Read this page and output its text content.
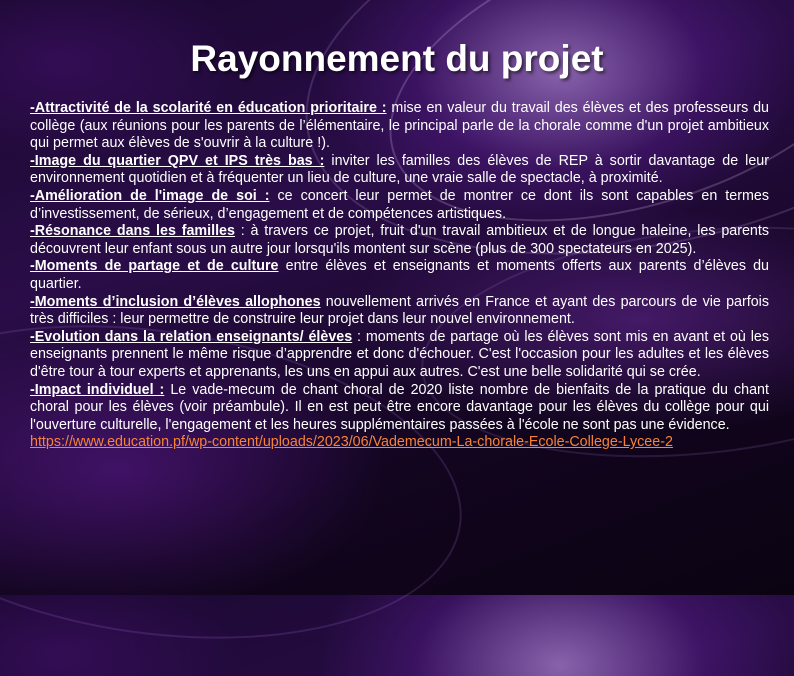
Rayonnement du projet

-Attractivité de la scolarité en éducation prioritaire : mise en valeur du travail des élèves et des professeurs du collège (aux réunions pour les parents de l’élémentaire, le principal parle de la chorale comme d'un projet ambitieux qui permet aux élèves de s'ouvrir à la culture !).

-Image du quartier QPV et IPS très bas : inviter les familles des élèves de REP à sortir davantage de leur environnement quotidien et à fréquenter un lieu de culture, une vraie salle de spectacle, à proximité.

-Amélioration de l'image de soi : ce concert leur permet de montrer ce dont ils sont capables en termes d’investissement, de sérieux, d’engagement et de compétences artistiques.

-Résonance dans les familles : à travers ce projet, fruit d'un travail ambitieux et de longue haleine, les parents découvrent leur enfant sous un autre jour lorsqu'ils montent sur scène (plus de 300 spectateurs en 2025).

-Moments de partage et de culture entre élèves et enseignants et moments offerts aux parents d’élèves du quartier.

-Moments d’inclusion d’élèves allophones nouvellement arrivés en France et ayant des parcours de vie parfois très difficiles : leur permettre de construire leur projet dans leur nouvel environnement.

-Evolution dans la relation enseignants/ élèves : moments de partage où les élèves sont mis en avant et où les enseignants prennent le même risque d’apprendre et donc d'échouer. C'est l'occasion pour les adultes et les élèves d'être tour à tour experts et apprenants, les uns en appui aux autres. C'est une belle solidarité qui se crée.

-Impact individuel : Le vade-mecum de chant choral de 2020 liste nombre de bienfaits de la pratique du chant choral pour les élèves (voir préambule). Il en est peut être encore davantage pour les élèves du collège pour qui l'ouverture culturelle, l'engagement et les heures supplémentaires passées à l'école ne sont pas une évidence.

https://www.education.pf/wp-content/uploads/2023/06/Vademecum-La-chorale-Ecole-College-Lycee-2
